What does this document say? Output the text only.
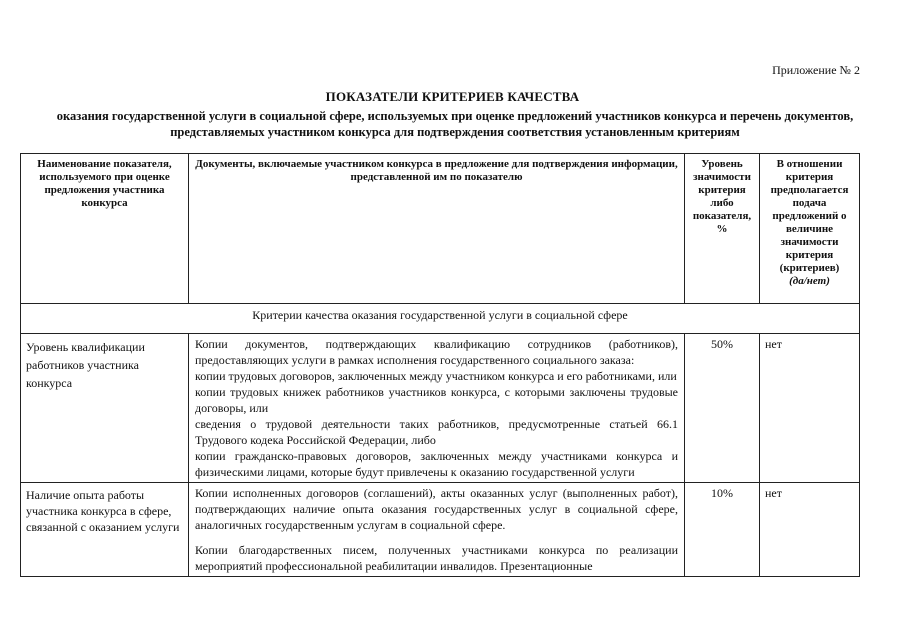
Приложение № 2
ПОКАЗАТЕЛИ КРИТЕРИЕВ КАЧЕСТВА
оказания государственной услуги в социальной сфере, используемых при оценке предложений участников конкурса и перечень документов, представляемых участником конкурса для подтверждения соответствия установленным критериям
Наименование показателя, используемого при оценке предложения участника конкурса	Документы, включаемые участником конкурса в предложение для подтверждения информации, представленной им по показателю	Уровень значимости критерия либо показателя, %	В отношении критерия предполагается подача предложений о величине значимости критерия (критериев)
(да/нет)
Критерии качества оказания государственной услуги в социальной сфере			
Уровень квалификации работников участника конкурса	Копии документов, подтверждающих квалификацию сотрудников (работников), предоставляющих услуги в рамках исполнения государственного социального заказа:
копии трудовых договоров, заключенных между участником конкурса и его работниками, или
копии трудовых книжек работников участников конкурса, с которыми заключены трудовые договоры, или
сведения о трудовой деятельности таких работников, предусмотренные статьей 66.1 Трудового кодека Российской Федерации, либо
копии гражданско-правовых договоров, заключенных между участниками конкурса и физическими лицами, которые будут привлечены к оказанию государственной услуги	50%	нет
Наличие опыта работы участника конкурса в сфере, связанной с оказанием услуги	Копии исполненных договоров (соглашений), акты оказанных услуг (выполненных работ), подтверждающих наличие опыта оказания государственных услуг в социальной сфере, аналогичных государственным услугам в социальной сфере.
Копии благодарственных писем, полученных участниками конкурса по реализации мероприятий профессиональной реабилитации инвалидов. Презентационные	10%	нет
